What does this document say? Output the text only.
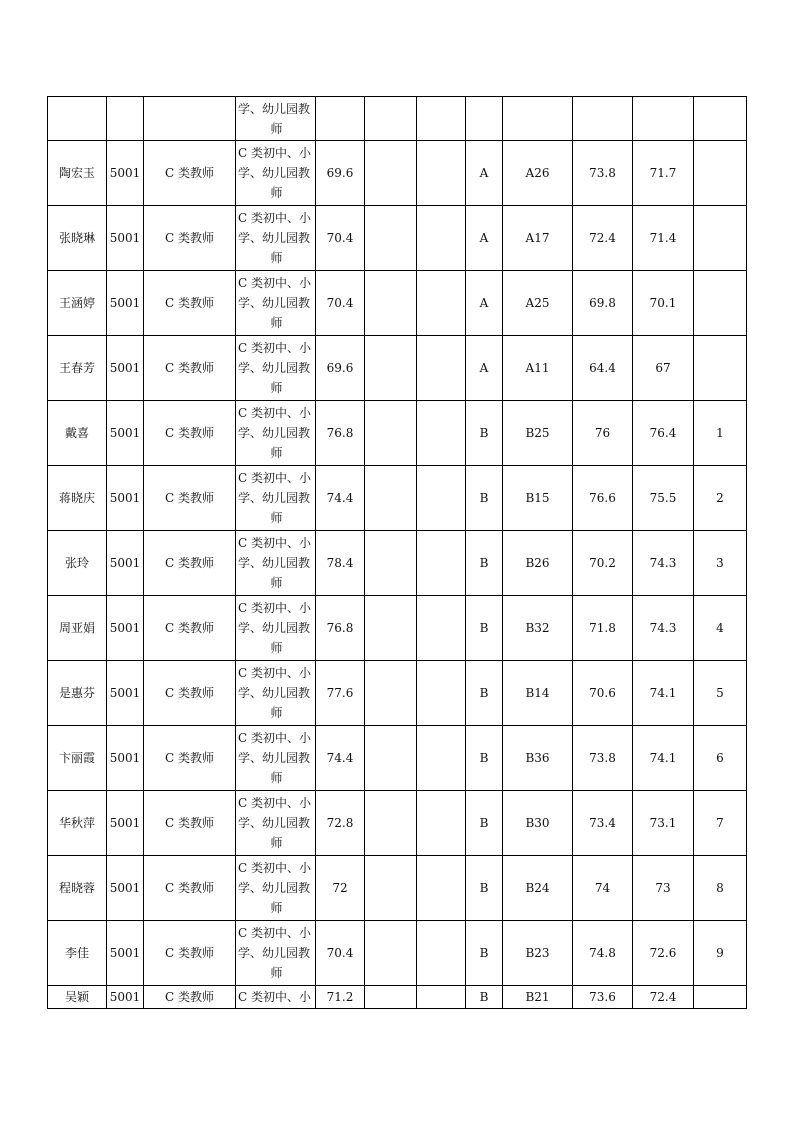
			学、幼儿园教
师								

陶宏玉	5001	C 类教师	C 类初中、小
学、幼儿园教
师	69.6			A	A26	73.8	71.7	
张晓琳	5001	C 类教师	C 类初中、小
学、幼儿园教
师	70.4			A	A17	72.4	71.4	
王涵婷	5001	C 类教师	C 类初中、小
学、幼儿园教
师	70.4			A	A25	69.8	70.1	
王春芳	5001	C 类教师	C 类初中、小
学、幼儿园教
师	69.6			A	A11	64.4	67	
戴喜	5001	C 类教师	C 类初中、小
学、幼儿园教
师	76.8			B	B25	76	76.4	1
蒋晓庆	5001	C 类教师	C 类初中、小
学、幼儿园教
师	74.4			B	B15	76.6	75.5	2
张玲	5001	C 类教师	C 类初中、小
学、幼儿园教
师	78.4			B	B26	70.2	74.3	3
周亚娟	5001	C 类教师	C 类初中、小
学、幼儿园教
师	76.8			B	B32	71.8	74.3	4
是惠芬	5001	C 类教师	C 类初中、小
学、幼儿园教
师	77.6			B	B14	70.6	74.1	5
卞丽霞	5001	C 类教师	C 类初中、小
学、幼儿园教
师	74.4			B	B36	73.8	74.1	6
华秋萍	5001	C 类教师	C 类初中、小
学、幼儿园教
师	72.8			B	B30	73.4	73.1	7
程晓蓉	5001	C 类教师	C 类初中、小
学、幼儿园教
师	72			B	B24	74	73	8
李佳	5001	C 类教师	C 类初中、小
学、幼儿园教
师	70.4			B	B23	74.8	72.6	9
吴颖	5001	C 类教师	C 类初中、小	71.2			B	B21	73.6	72.4	
